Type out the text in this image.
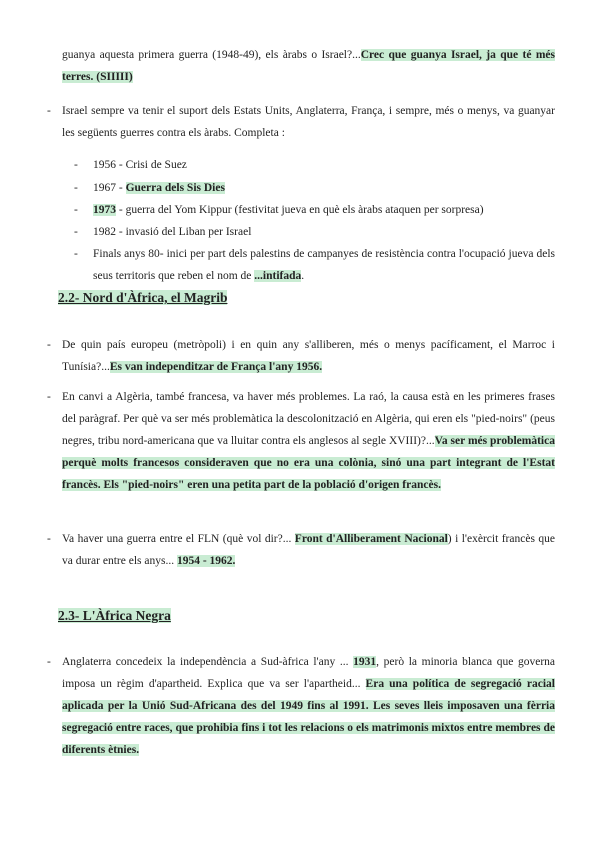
guanya aquesta primera guerra (1948-49), els àrabs o Israel?...Crec que guanya Israel, ja que té més terres. (SIIIII)
- Israel sempre va tenir el suport dels Estats Units, Anglaterra, França, i sempre, més o menys, va guanyar les següents guerres contra els àrabs. Completa :
- 1956 - Crisi de Suez
- 1967 - Guerra dels Sis Dies
- 1973 - guerra del Yom Kippur (festivitat jueva en què els àrabs ataquen per sorpresa)
- 1982 - invasió del Liban per Israel
- Finals anys 80- inici per part dels palestins de campanyes de resistència contra l'ocupació jueva dels seus territoris que reben el nom de ...intifada.
2.2- Nord d'Àfrica, el Magrib
- De quin país europeu (metròpoli) i en quin any s'alliberen, més o menys pacíficament, el Marroc i Tunísia?...Es van independitzar de França l'any 1956.
- En canvi a Algèria, també francesa, va haver més problemes. La raó, la causa està en les primeres frases del paràgraf. Per què va ser més problemàtica la descolonització en Algèria, qui eren els "pied-noirs" (peus negres, tribu nord-americana que va lluitar contra els anglesos al segle XVIII)?...Va ser més problemàtica perquè molts francesos consideraven que no era una colònia, sinó una part integrant de l'Estat francès. Els "pied-noirs" eren una petita part de la població d'origen francès.
- Va haver una guerra entre el FLN (què vol dir?... Front d'Alliberament Nacional) i l'exèrcit francès que va durar entre els anys... 1954 - 1962.
2.3- L'Àfrica Negra
- Anglaterra concedeix la independència a Sud-àfrica l'any ... 1931, però la minoria blanca que governa imposa un règim d'apartheid. Explica que va ser l'apartheid... Era una política de segregació racial aplicada per la Unió Sud-Africana des del 1949 fins al 1991. Les seves lleis imposaven una fèrria segregació entre races, que prohibia fins i tot les relacions o els matrimonis mixtos entre membres de diferents ètnies.
